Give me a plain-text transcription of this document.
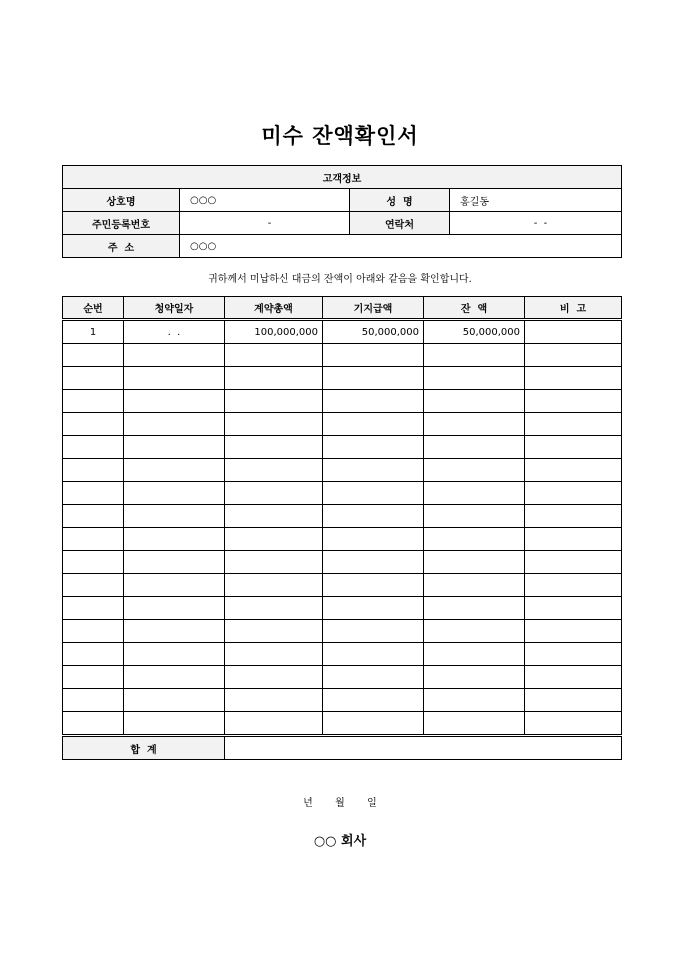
미수 잔액확인서
고객정보			
상호명	○○○	성  명	홍길동
주민등록번호	-	연락처	-  -
주  소	○○○		
귀하께서 미납하신 대금의 잔액이 아래와 같음을 확인합니다.
순번	청약일자	계약총액	기지급액	잔  액	비  고
1	.  .	100,000,000	50,000,000	50,000,000	

합  계					
년  월  일
○○ 회사
